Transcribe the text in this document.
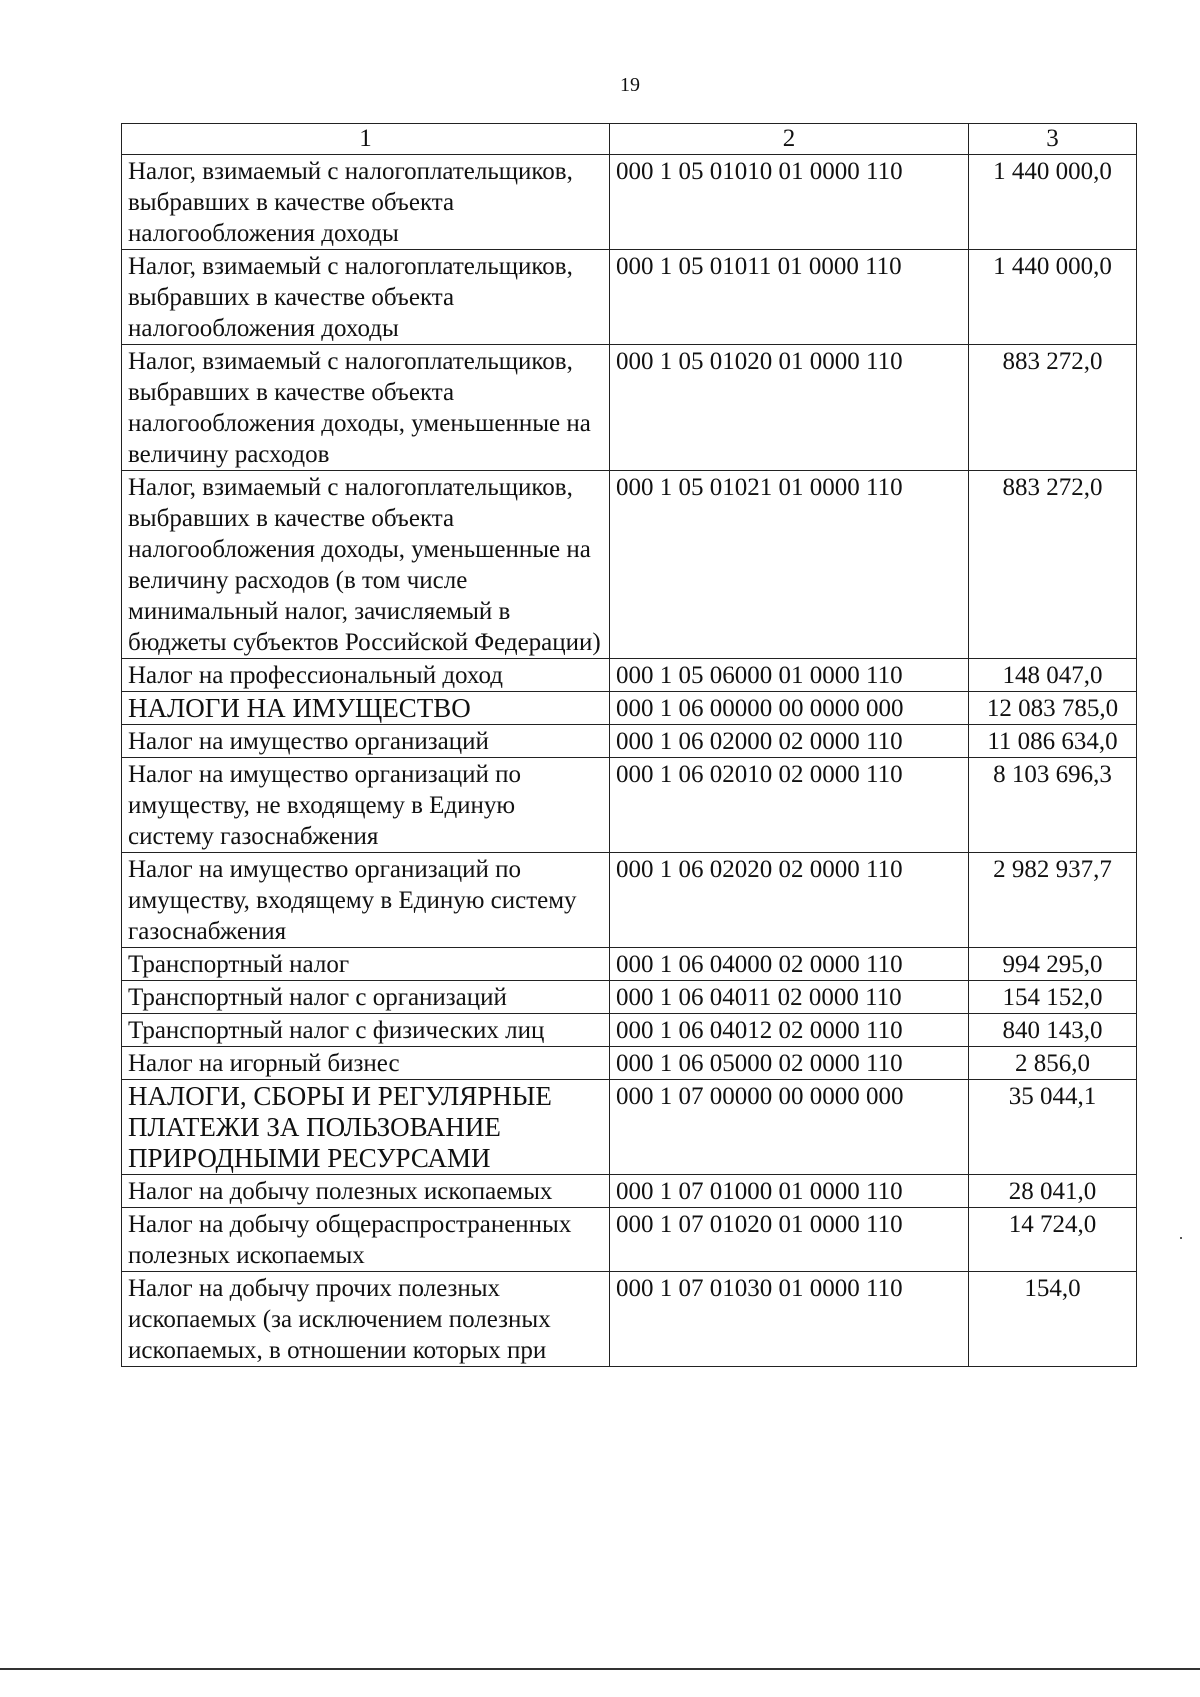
19
1	2	3
Налог, взимаемый с налогоплательщиков, выбравших в качестве объекта налогообложения доходы	000 1 05 01010 01 0000 110	1 440 000,0
Налог, взимаемый с налогоплательщиков, выбравших в качестве объекта налогообложения доходы	000 1 05 01011 01 0000 110	1 440 000,0
Налог, взимаемый с налогоплательщиков, выбравших в качестве объекта налогообложения доходы, уменьшенные на величину расходов	000 1 05 01020 01 0000 110	883 272,0
Налог, взимаемый с налогоплательщиков, выбравших в качестве объекта налогообложения доходы, уменьшенные на величину расходов (в том числе минимальный налог, зачисляемый в бюджеты субъектов Российской Федерации)	000 1 05 01021 01 0000 110	883 272,0
Налог на профессиональный доход	000 1 05 06000 01 0000 110	148 047,0
НАЛОГИ НА ИМУЩЕСТВО	000 1 06 00000 00 0000 000	12 083 785,0
Налог на имущество организаций	000 1 06 02000 02 0000 110	11 086 634,0
Налог на имущество организаций по имуществу, не входящему в Единую систему газоснабжения	000 1 06 02010 02 0000 110	8 103 696,3
Налог на имущество организаций по имуществу, входящему в Единую систему газоснабжения	000 1 06 02020 02 0000 110	2 982 937,7
Транспортный налог	000 1 06 04000 02 0000 110	994 295,0
Транспортный налог с организаций	000 1 06 04011 02 0000 110	154 152,0
Транспортный налог с физических лиц	000 1 06 04012 02 0000 110	840 143,0
Налог на игорный бизнес	000 1 06 05000 02 0000 110	2 856,0
НАЛОГИ, СБОРЫ И РЕГУЛЯРНЫЕ ПЛАТЕЖИ ЗА ПОЛЬЗОВАНИЕ ПРИРОДНЫМИ РЕСУРСАМИ	000 1 07 00000 00 0000 000	35 044,1
Налог на добычу полезных ископаемых	000 1 07 01000 01 0000 110	28 041,0
Налог на добычу общераспространенных полезных ископаемых	000 1 07 01020 01 0000 110	14 724,0
Налог на добычу прочих полезных ископаемых (за исключением полезных ископаемых, в отношении которых при	000 1 07 01030 01 0000 110	154,0
